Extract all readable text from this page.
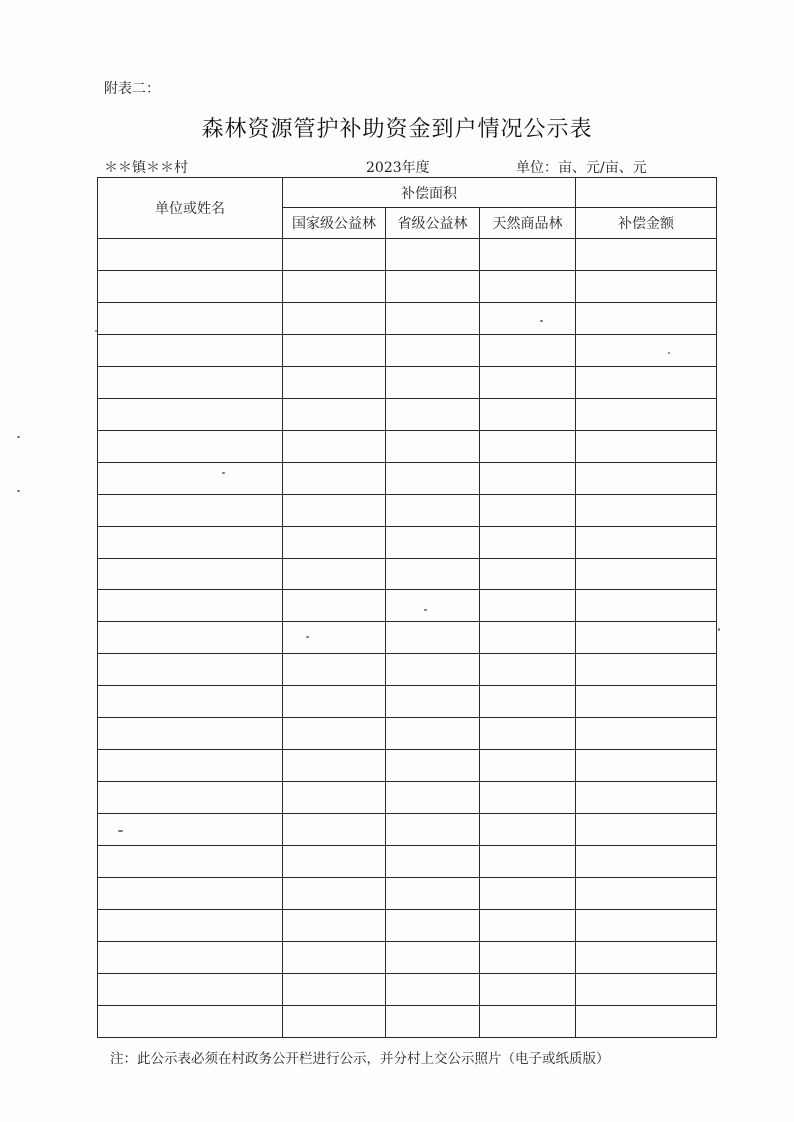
附表二：
森林资源管护补助资金到户情况公示表
＊＊镇＊＊村	2023年度	单位：亩、元/亩、元
单位或姓名	补偿面积			
	国家级公益林	省级公益林	天然商品林	补偿金额

注：此公示表必须在村政务公开栏进行公示，并分村上交公示照片（电子或纸质版）
